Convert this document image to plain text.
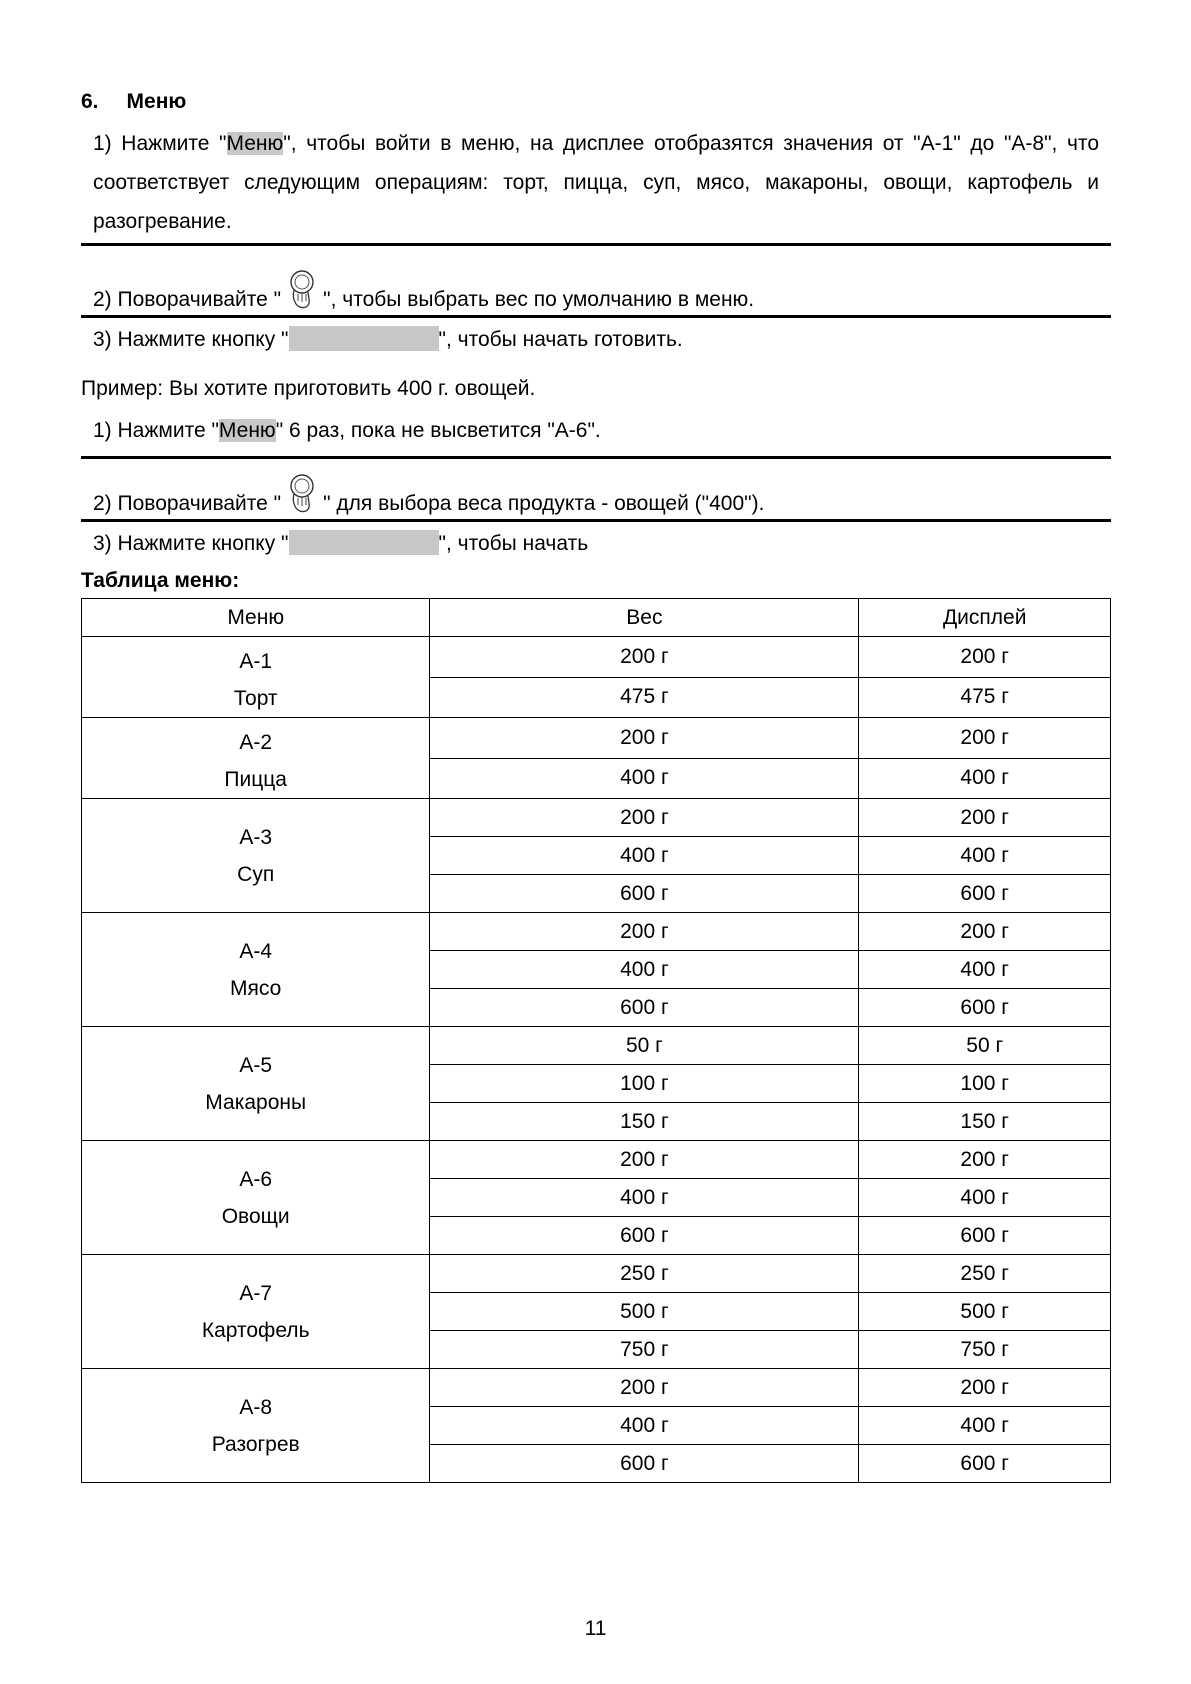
6. Меню
1) Нажмите "Меню", чтобы войти в меню, на дисплее отобразятся значения от "А-1" до "А-8", что соответствует следующим операциям: торт, пицца, суп, мясо, макароны, овощи, картофель и разогревание.
2) Поворачивайте " ", чтобы выбрать вес по умолчанию в меню.
3) Нажмите кнопку "	", чтобы начать готовить.
Пример: Вы хотите приготовить 400 г. овощей.
1) Нажмите "Меню" 6 раз, пока не высветится "А-6".
2) Поворачивайте " " для выбора веса продукта - овощей ("400").
3) Нажмите кнопку "	", чтобы начать
Таблица меню:
Меню	Вес	Дисплей

А-1
Торт	200 г	200 г
	475 г	475 г

А-2
Пицца	200 г	200 г
	400 г	400 г

А-3
Суп	200 г	200 г
	400 г	400 г
	600 г	600 г

А-4
Мясо	200 г	200 г
	400 г	400 г
	600 г	600 г

А-5
Макароны	50 г	50 г
	100 г	100 г
	150 г	150 г

А-6
Овощи	200 г	200 г
	400 г	400 г
	600 г	600 г

А-7
Картофель	250 г	250 г
	500 г	500 г
	750 г	750 г

А-8
Разогрев	200 г	200 г
	400 г	400 г
	600 г	600 г
11
